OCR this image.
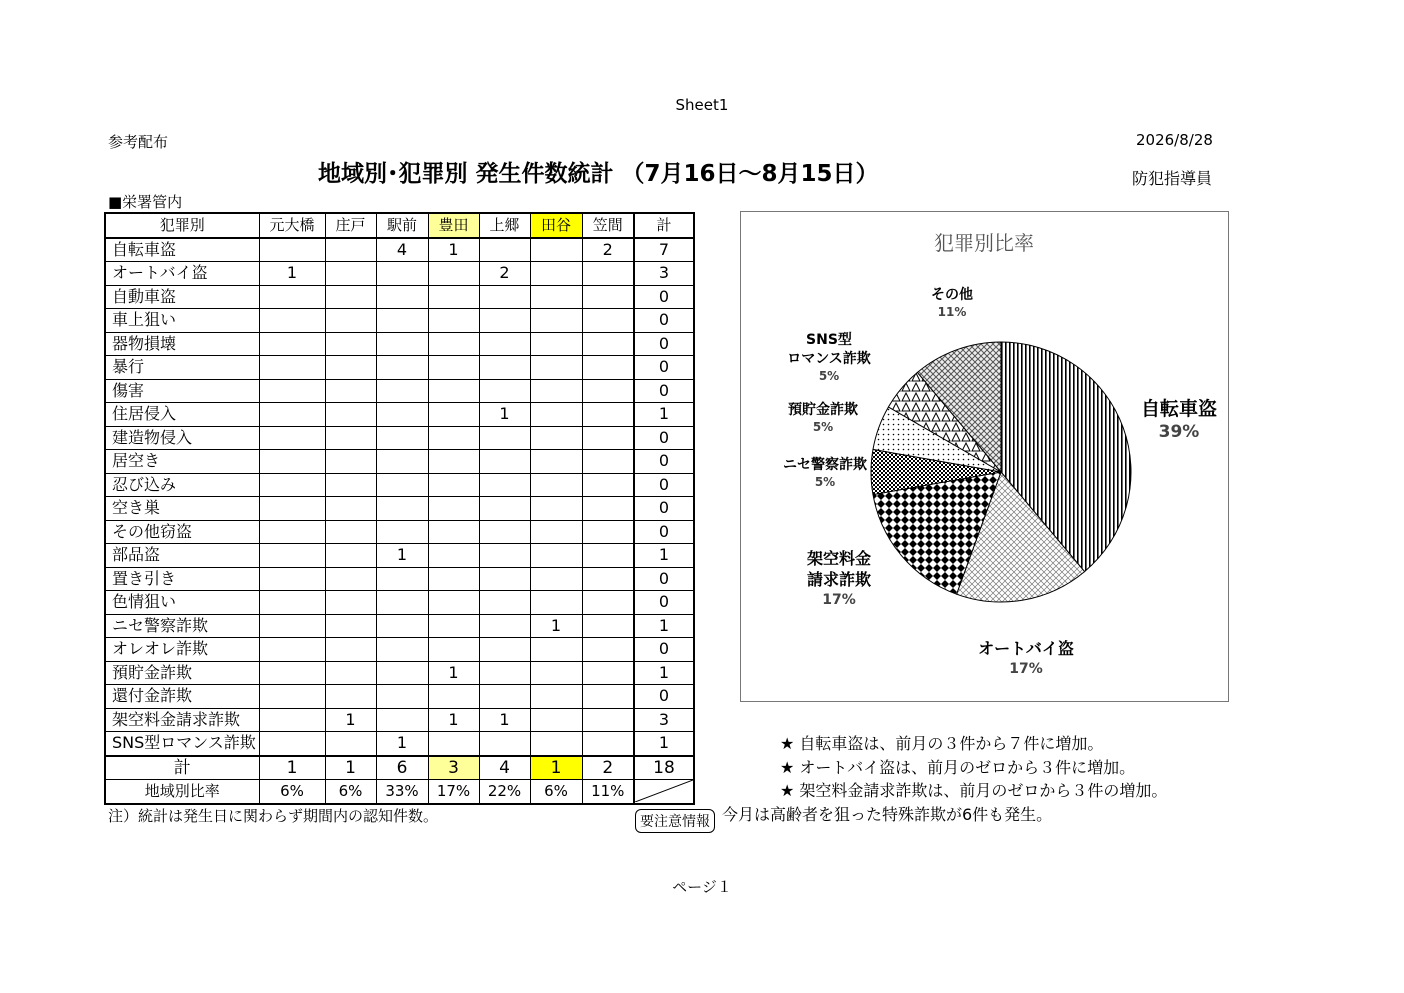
Sheet1
参考配布	2026/8/28
地域別･犯罪別 発生件数統計 （7月16日～8月15日）	防犯指導員
■栄署管内
犯罪別	元大橋	庄戸	駅前	豊田	上郷	田谷	笠間	計
自転車盗			4	1			2	7
オートバイ盗	1				2			3
自動車盗								0
車上狙い								0
器物損壊								0
暴行								0
傷害								0
住居侵入					1			1
建造物侵入								0
居空き								0
忍び込み								0
空き巣								0
その他窃盗								0
部品盗			1					1
置き引き								0
色情狙い								0
ニセ警察詐欺						1		1
オレオレ詐欺								0
預貯金詐欺				1				1
還付金詐欺								0
架空料金請求詐欺		1		1	1			3
SNS型ロマンス詐欺			1					1
計	1	1	6	3	4	1	2	18
地域別比率	6%	6%	33%	17%	22%	6%	11%	
注）統計は発生日に関わらず期間内の認知件数。
犯罪別比率
自転車盗
39%
オートバイ盗
17%
架空料金
請求詐欺
17%
ニセ警察詐欺
5%
預貯金詐欺
5%
SNS型
ロマンス詐欺
5%
その他
11%
★ 自転車盗は、前月の３件から７件に増加。
★ オートバイ盗は、前月のゼロから３件に増加。
★ 架空料金請求詐欺は、前月のゼロから３件の増加。
今月は高齢者を狙った特殊詐欺が6件も発生。
要注意情報
ページ１
